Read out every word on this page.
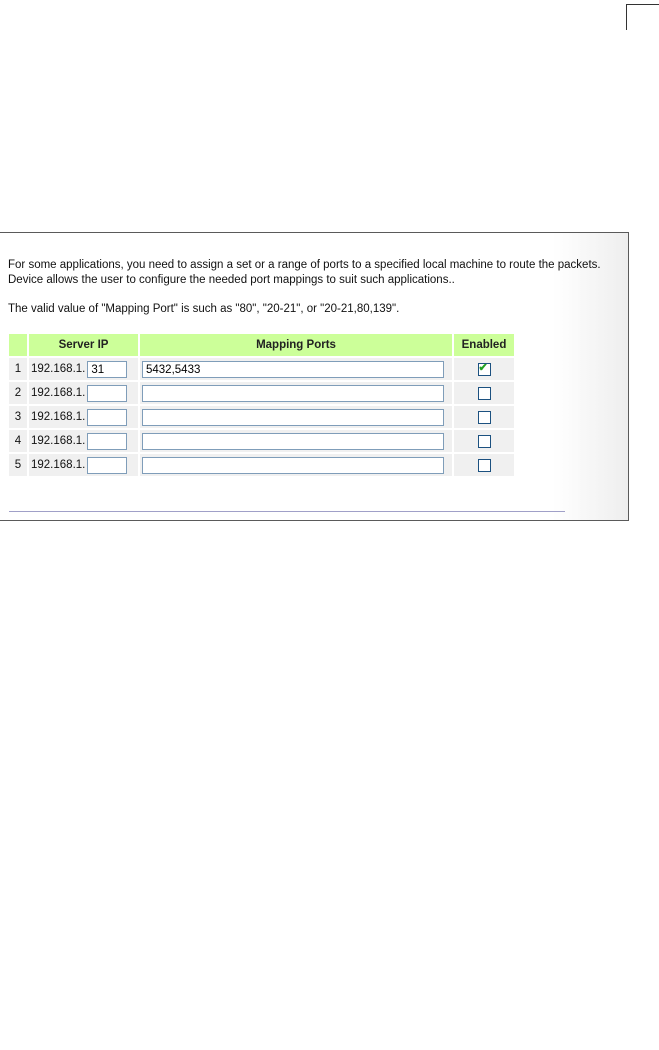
For some applications, you need to assign a set or a range of ports to a specified local machine to route the packets. Device allows the user to configure the needed port mappings to suit such applications..

The valid value of "Mapping Port" is such as "80", "20-21", or "20-21,80,139".
	Server IP	Mapping Ports	Enabled
1	192.168.1. 31	5432,5433	✔

2	192.168.1.		
3	192.168.1.		
4	192.168.1.		
5	192.168.1.		
